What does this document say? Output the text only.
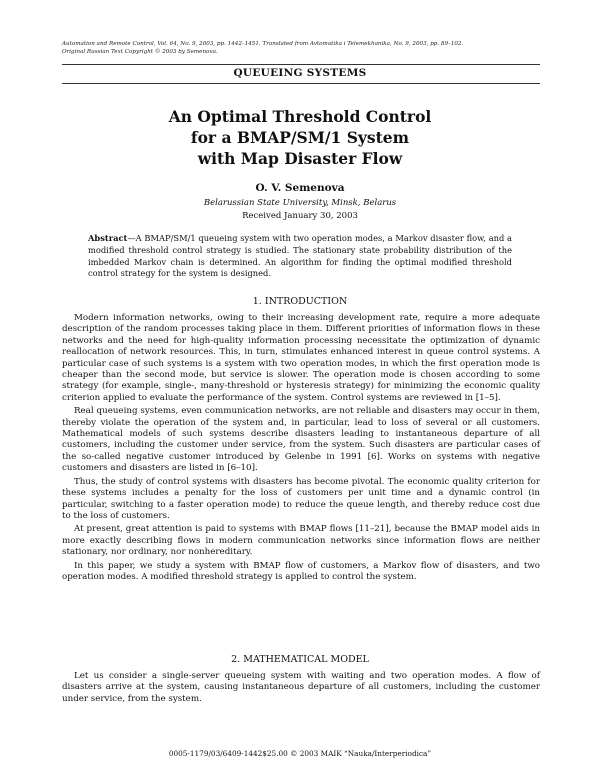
Automation and Remote Control, Vol. 64, No. 9, 2003, pp. 1442–1451. Translated from Avtomatika i Telemekhanika, No. 9, 2003, pp. 89–102.
Original Russian Text Copyright © 2003 by Semenova.
QUEUEING SYSTEMS
An Optimal Threshold Control
for a BMAP/SM/1 System
with Map Disaster Flow
O. V. Semenova
Belarussian State University, Minsk, Belarus
Received January 30, 2003
Abstract—A BMAP/SM/1 queueing system with two operation modes, a Markov disaster flow, and a modified threshold control strategy is studied. The stationary state probability distribution of the imbedded Markov chain is determined. An algorithm for finding the optimal modified threshold control strategy for the system is designed.
1. INTRODUCTION

Modern information networks, owing to their increasing development rate, require a more adequate description of the random processes taking place in them. Different priorities of information flows in these networks and the need for high-quality information processing necessitate the optimization of dynamic reallocation of network resources. This, in turn, stimulates enhanced interest in queue control systems. A particular case of such systems is a system with two operation modes, in which the first operation mode is cheaper than the second mode, but service is slower. The operation mode is chosen according to some strategy (for example, single-, many-threshold or hysteresis strategy) for minimizing the economic quality criterion applied to evaluate the performance of the system. Control systems are reviewed in [1–5].

Real queueing systems, even communication networks, are not reliable and disasters may occur in them, thereby violate the operation of the system and, in particular, lead to loss of several or all customers. Mathematical models of such systems describe disasters leading to instantaneous departure of all customers, including the customer under service, from the system. Such disasters are particular cases of the so-called negative customer introduced by Gelenbe in 1991 [6]. Works on systems with negative customers and disasters are listed in [6–10].

Thus, the study of control systems with disasters has become pivotal. The economic quality criterion for these systems includes a penalty for the loss of customers per unit time and a dynamic control (in particular, switching to a faster operation mode) to reduce the queue length, and thereby reduce cost due to the loss of customers.

At present, great attention is paid to systems with BMAP flows [11–21], because the BMAP model aids in more exactly describing flows in modern communication networks since information flows are neither stationary, nor ordinary, nor nonhereditary.

In this paper, we study a system with BMAP flow of customers, a Markov flow of disasters, and two operation modes. A modified threshold strategy is applied to control the system.

2. MATHEMATICAL MODEL

Let us consider a single-server queueing system with waiting and two operation modes. A flow of disasters arrive at the system, causing instantaneous departure of all customers, including the customer under service, from the system.

0005-1179/03/6409-1442$25.00 © 2003 MAIK “Nauka/Interperiodica”
